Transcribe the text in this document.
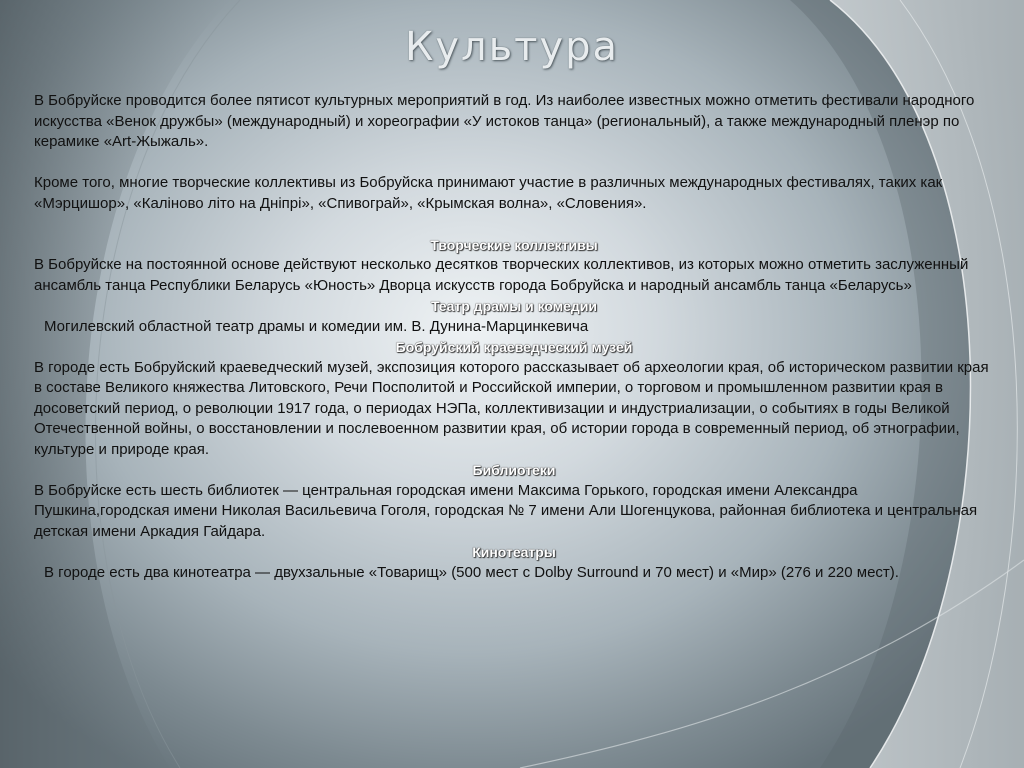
Культура

В Бобруйске проводится более пятисот культурных мероприятий в год. Из наиболее известных можно отметить фестивали народного искусства «Венок дружбы» (международный) и хореографии «У истоков танца» (региональный), а также международный пленэр по керамике «Art-Жыжаль».

Кроме того, многие творческие коллективы из Бобруйска принимают участие в различных международных фестивалях, таких как «Мэрцишор», «Каліново літо на Дніпрі», «Спивограй», «Крымская волна», «Словения».

Творческие коллективы

В Бобруйске на постоянной основе действуют несколько десятков творческих коллективов, из которых можно отметить заслуженный ансамбль танца Республики Беларусь «Юность» Дворца искусств города Бобруйска и народный ансамбль танца «Беларусь»

Театр драмы и комедии

Могилевский областной театр драмы и комедии им. В. Дунина-Марцинкевича

Бобруйский краеведческий музей

В городе есть Бобруйский краеведческий музей, экспозиция которого рассказывает об археологии края, об историческом развитии края в составе Великого княжества Литовского, Речи Посполитой и Российской империи, о торговом и промышленном развитии края в досоветский период, о революции 1917 года, о периодах НЭПа, коллективизации и индустриализации, о событиях в годы Великой Отечественной войны, о восстановлении и послевоенном развитии края, об истории города в современный период, об этнографии, культуре и природе края.

Библиотеки

В Бобруйске есть шесть библиотек — центральная городская имени Максима Горького, городская имени Александра Пушкина,городская имени Николая Васильевича Гоголя, городская № 7 имени Али Шогенцукова, районная библиотека и центральная детская имени Аркадия Гайдара.

Кинотеатры

В городе есть два кинотеатра — двухзальные «Товарищ» (500 мест с Dolby Surround и 70 мест) и «Мир» (276 и 220 мест).
